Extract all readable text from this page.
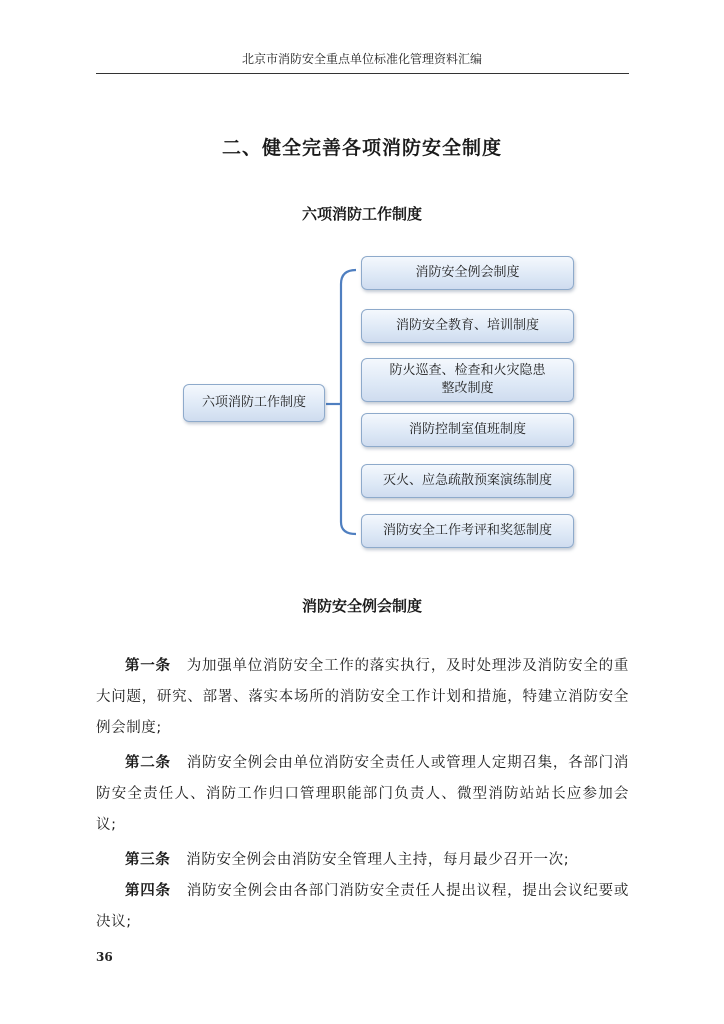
北京市消防安全重点单位标准化管理资料汇编
二、健全完善各项消防安全制度
六项消防工作制度
六项消防工作制度
消防安全例会制度
消防安全教育、培训制度
防火巡查、检查和火灾隐患
整改制度
消防控制室值班制度
灭火、应急疏散预案演练制度
消防安全工作考评和奖惩制度
消防安全例会制度

第一条 为加强单位消防安全工作的落实执行，及时处理涉及消防安全的重大问题，研究、部署、落实本场所的消防安全工作计划和措施，特建立消防安全例会制度;

第二条 消防安全例会由单位消防安全责任人或管理人定期召集，各部门消防安全责任人、消防工作归口管理职能部门负责人、微型消防站站长应参加会议;

第三条 消防安全例会由消防安全管理人主持，每月最少召开一次;

第四条 消防安全例会由各部门消防安全责任人提出议程，提出会议纪要或决议;

36
